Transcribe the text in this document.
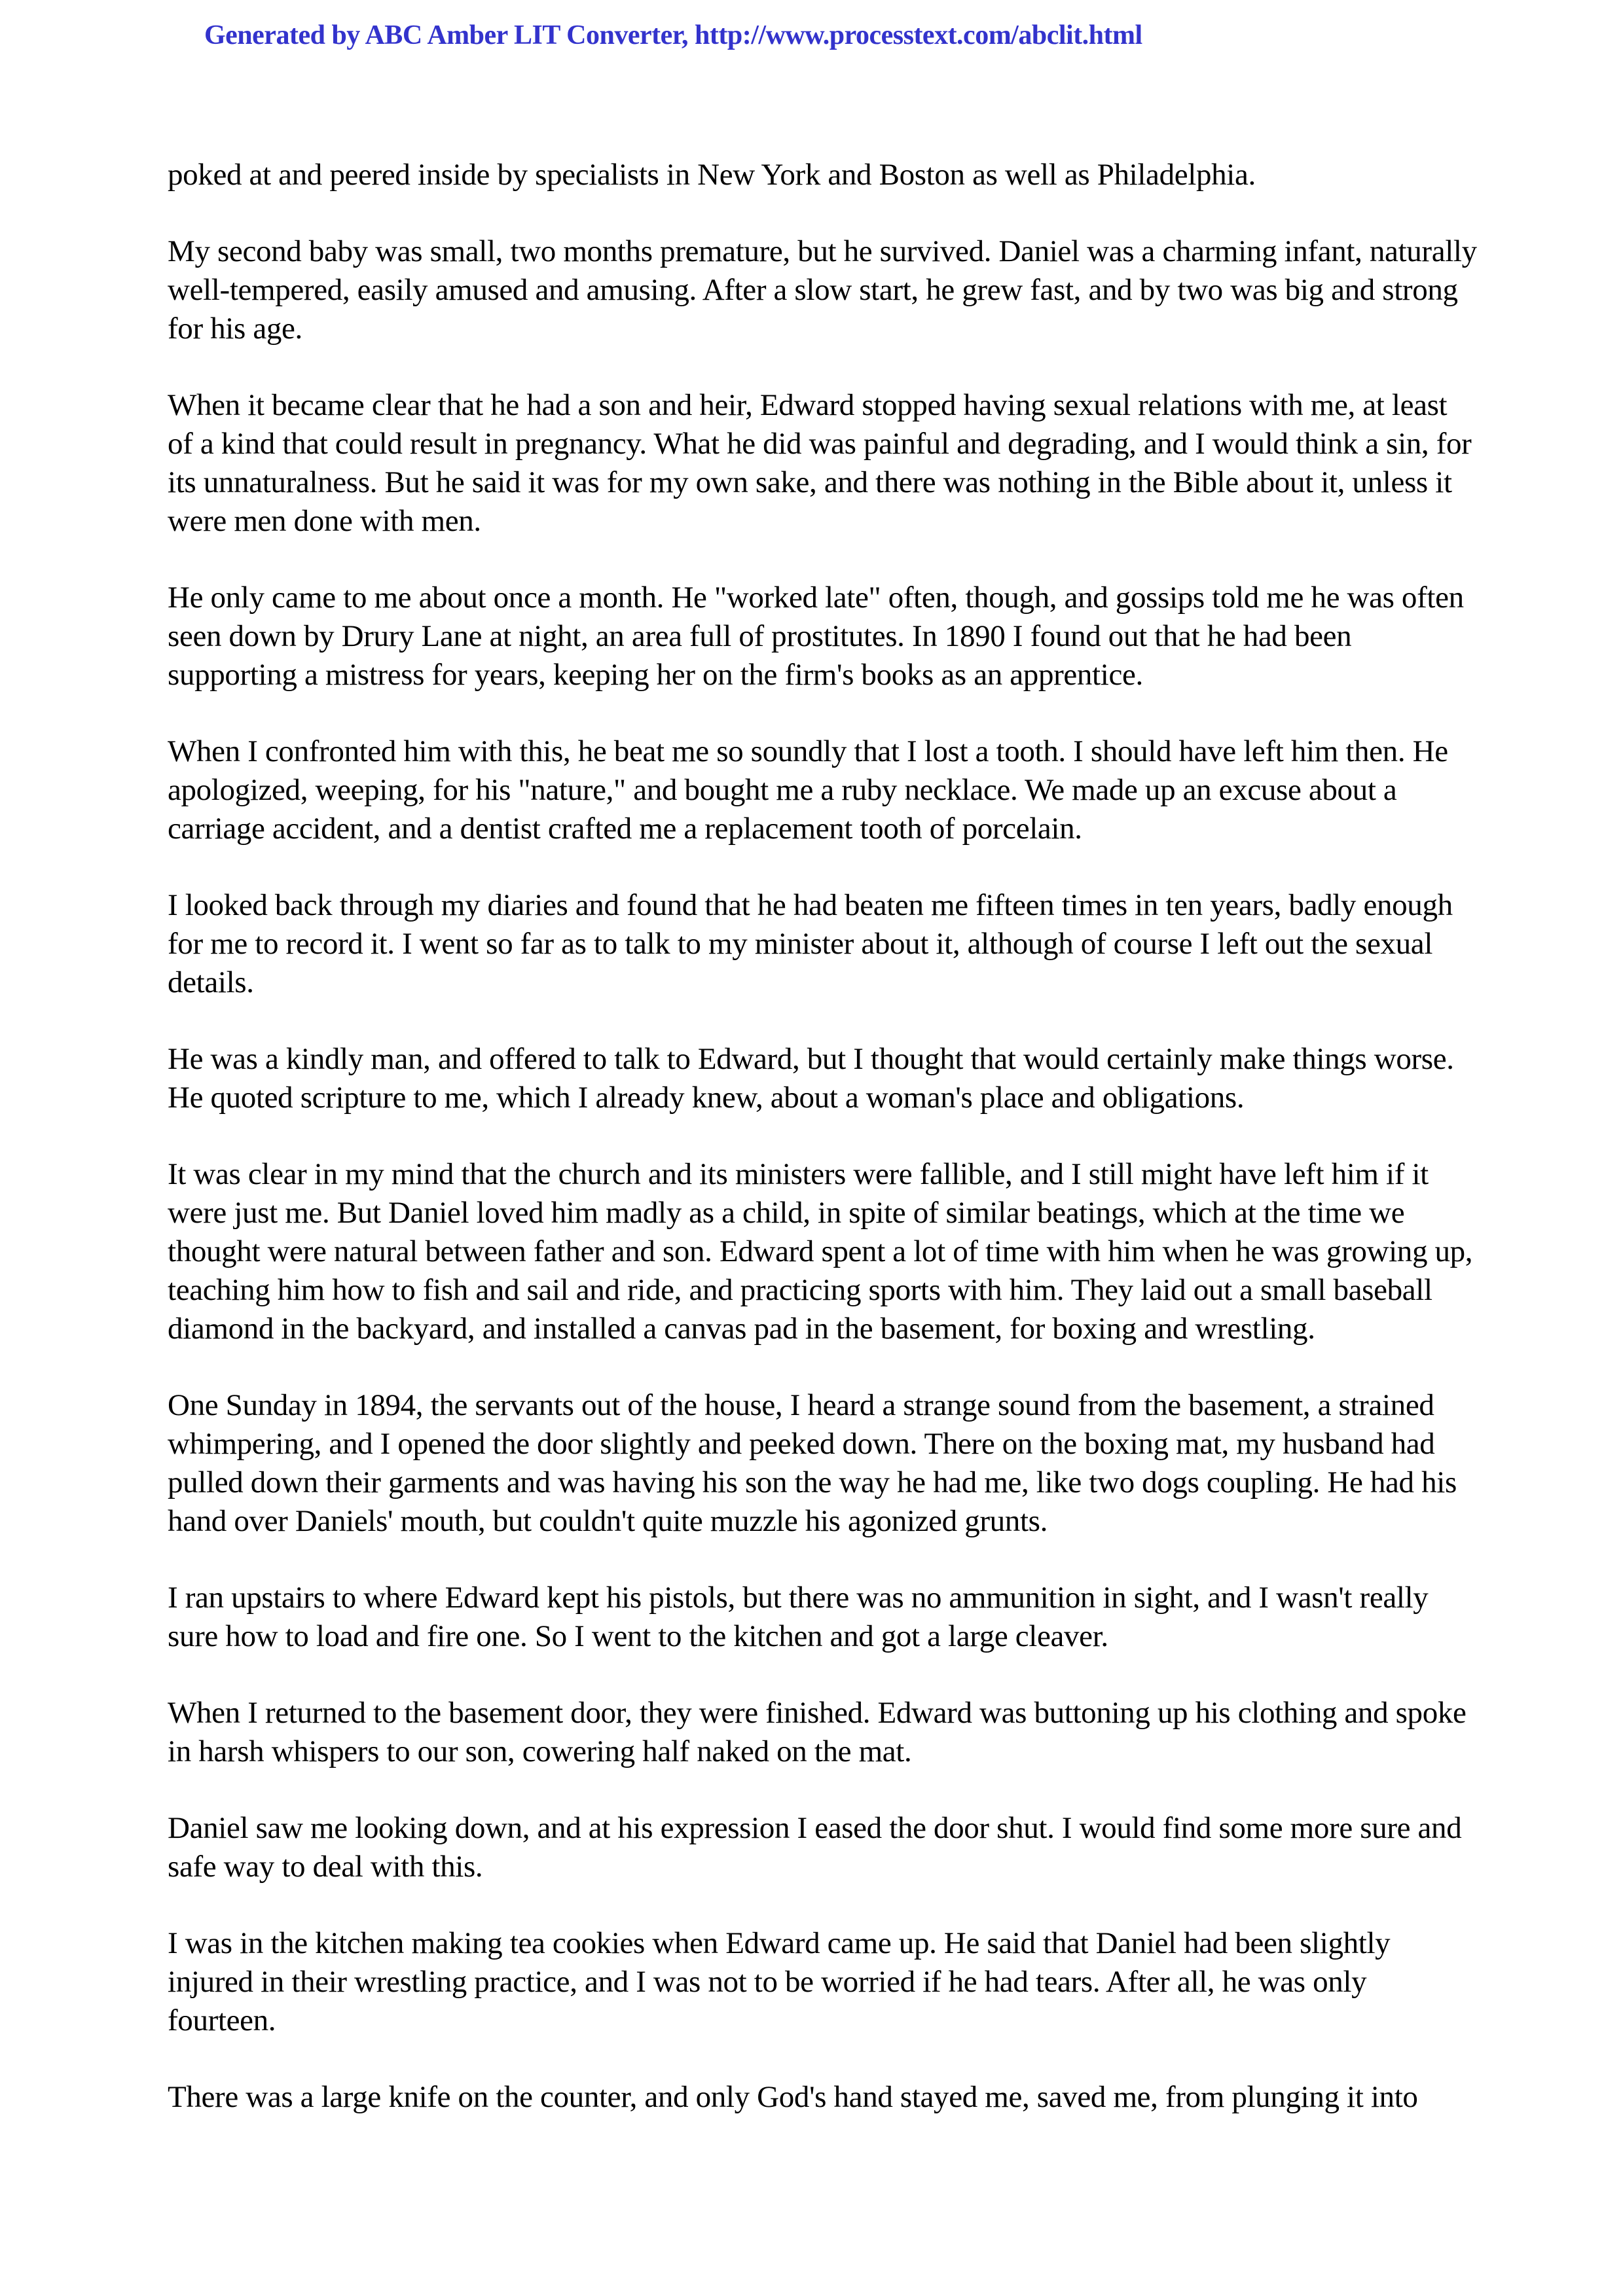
Generated by ABC Amber LIT Converter, http://www.processtext.com/abclit.html

poked at and peered inside by specialists in New York and Boston as well as Philadelphia.

My second baby was small, two months premature, but he survived. Daniel was a charming infant, naturally well-tempered, easily amused and amusing. After a slow start, he grew fast, and by two was big and strong for his age.

When it became clear that he had a son and heir, Edward stopped having sexual relations with me, at least of a kind that could result in pregnancy. What he did was painful and degrading, and I would think a sin, for its unnaturalness. But he said it was for my own sake, and there was nothing in the Bible about it, unless it were men done with men.

He only came to me about once a month. He "worked late" often, though, and gossips told me he was often seen down by Drury Lane at night, an area full of prostitutes. In 1890 I found out that he had been supporting a mistress for years, keeping her on the firm's books as an apprentice.

When I confronted him with this, he beat me so soundly that I lost a tooth. I should have left him then. He apologized, weeping, for his "nature," and bought me a ruby necklace. We made up an excuse about a carriage accident, and a dentist crafted me a replacement tooth of porcelain.

I looked back through my diaries and found that he had beaten me fifteen times in ten years, badly enough for me to record it. I went so far as to talk to my minister about it, although of course I left out the sexual details.

He was a kindly man, and offered to talk to Edward, but I thought that would certainly make things worse. He quoted scripture to me, which I already knew, about a woman's place and obligations.

It was clear in my mind that the church and its ministers were fallible, and I still might have left him if it were just me. But Daniel loved him madly as a child, in spite of similar beatings, which at the time we thought were natural between father and son. Edward spent a lot of time with him when he was growing up, teaching him how to fish and sail and ride, and practicing sports with him. They laid out a small baseball diamond in the backyard, and installed a canvas pad in the basement, for boxing and wrestling.

One Sunday in 1894, the servants out of the house, I heard a strange sound from the basement, a strained whimpering, and I opened the door slightly and peeked down. There on the boxing mat, my husband had pulled down their garments and was having his son the way he had me, like two dogs coupling. He had his hand over Daniels' mouth, but couldn't quite muzzle his agonized grunts.

I ran upstairs to where Edward kept his pistols, but there was no ammunition in sight, and I wasn't really sure how to load and fire one. So I went to the kitchen and got a large cleaver.

When I returned to the basement door, they were finished. Edward was buttoning up his clothing and spoke in harsh whispers to our son, cowering half naked on the mat.

Daniel saw me looking down, and at his expression I eased the door shut. I would find some more sure and safe way to deal with this.

I was in the kitchen making tea cookies when Edward came up. He said that Daniel had been slightly injured in their wrestling practice, and I was not to be worried if he had tears. After all, he was only fourteen.

There was a large knife on the counter, and only God's hand stayed me, saved me, from plunging it into
